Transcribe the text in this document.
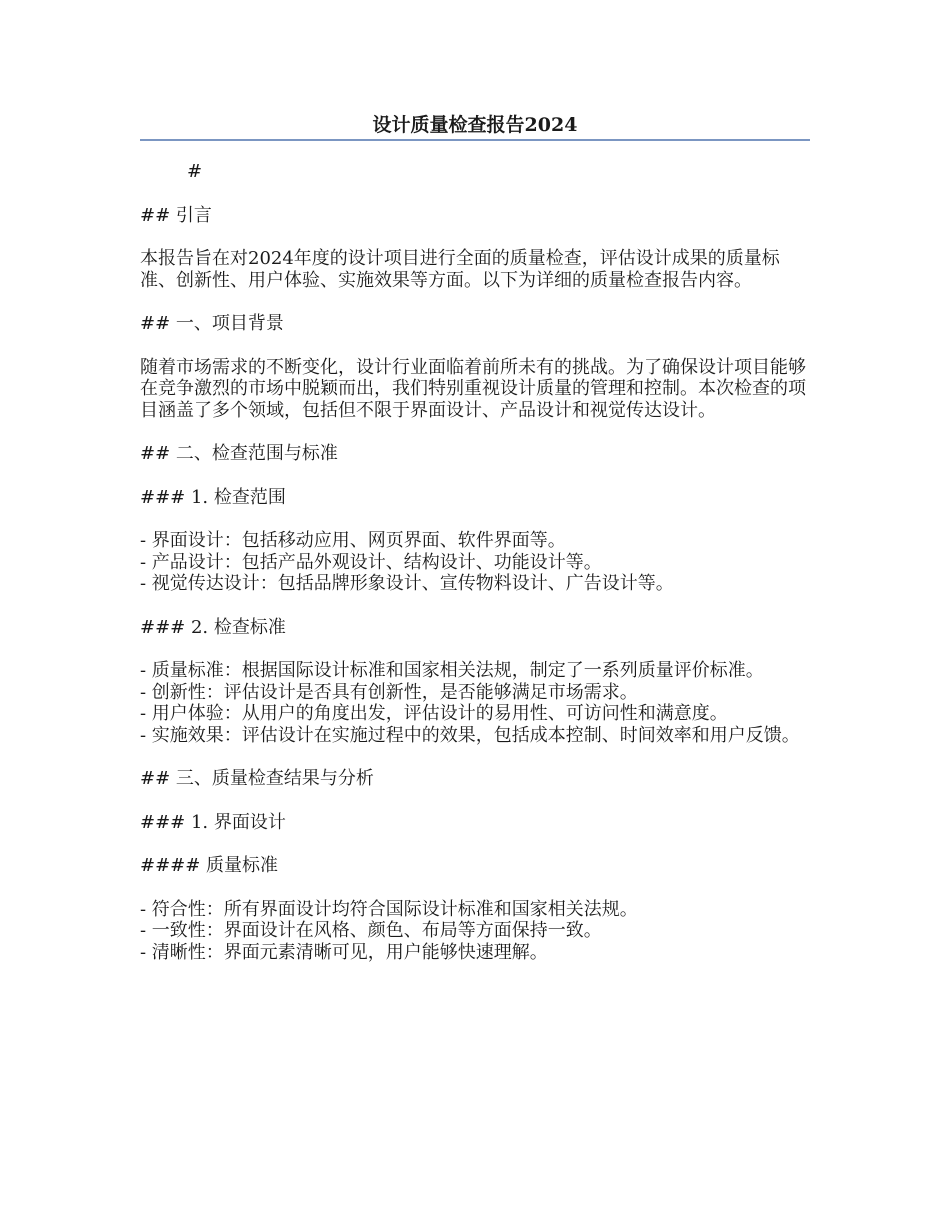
设计质量检查报告2024

#

## 引言

本报告旨在对2024年度的设计项目进行全面的质量检查，评估设计成果的质量标准、创新性、用户体验、实施效果等方面。以下为详细的质量检查报告内容。

## 一、项目背景

随着市场需求的不断变化，设计行业面临着前所未有的挑战。为了确保设计项目能够在竞争激烈的市场中脱颖而出，我们特别重视设计质量的管理和控制。本次检查的项目涵盖了多个领域，包括但不限于界面设计、产品设计和视觉传达设计。

## 二、检查范围与标准

### 1. 检查范围

- 界面设计：包括移动应用、网页界面、软件界面等。

- 产品设计：包括产品外观设计、结构设计、功能设计等。

- 视觉传达设计：包括品牌形象设计、宣传物料设计、广告设计等。

### 2. 检查标准

- 质量标准：根据国际设计标准和国家相关法规，制定了一系列质量评价标准。

- 创新性：评估设计是否具有创新性，是否能够满足市场需求。

- 用户体验：从用户的角度出发，评估设计的易用性、可访问性和满意度。

- 实施效果：评估设计在实施过程中的效果，包括成本控制、时间效率和用户反馈。

## 三、质量检查结果与分析

### 1. 界面设计

#### 质量标准

- 符合性：所有界面设计均符合国际设计标准和国家相关法规。

- 一致性：界面设计在风格、颜色、布局等方面保持一致。

- 清晰性：界面元素清晰可见，用户能够快速理解。
